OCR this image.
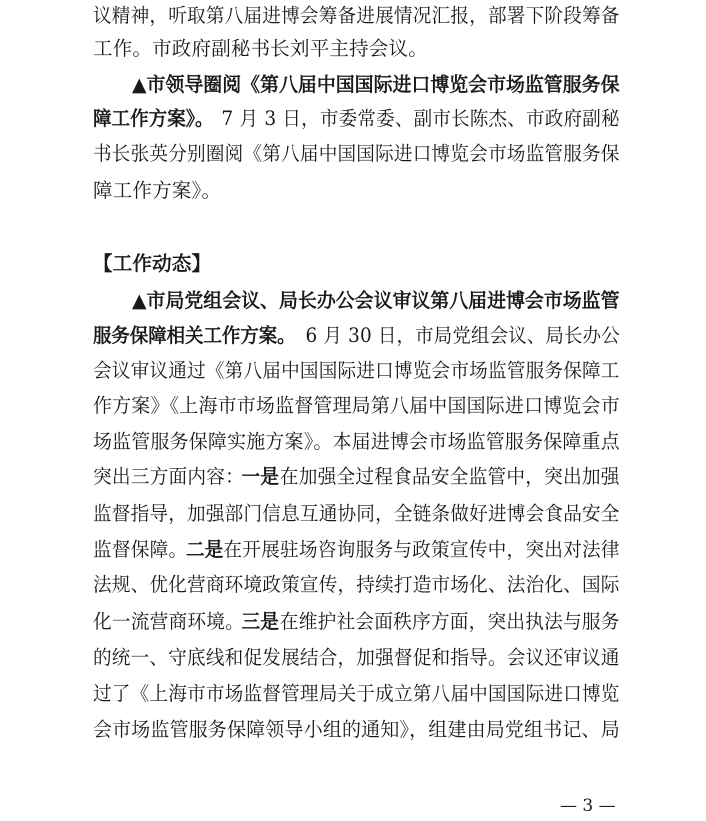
议精神，听取第八届进博会筹备进展情况汇报，部署下阶段筹备
工作。市政府副秘书长刘平主持会议。
▲市领导圈阅《第八届中国国际进口博览会市场监管服务保
障工作方案》。 7 月 3 日，市委常委、副市长陈杰、市政府副秘
书长张英分别圈阅《第八届中国国际进口博览会市场监管服务保
障工作方案》。
【工作动态】
▲市局党组会议、局长办公会议审议第八届进博会市场监管
服务保障相关工作方案。 6 月 30 日，市局党组会议、局长办公
会议审议通过《第八届中国国际进口博览会市场监管服务保障工
作方案》《上海市市场监督管理局第八届中国国际进口博览会市
场监管服务保障实施方案》。本届进博会市场监管服务保障重点
突出三方面内容：
一是 在加强全过程食品安全监管中，突出加强
监督指导，加强部门信息互通协同，全链条做好进博会食品安全
监督保障。
二是 在开展驻场咨询服务与政策宣传中，突出对法律
法规、优化营商环境政策宣传，持续打造市场化、法治化、国际
化一流营商环境。
三是 在维护社会面秩序方面，突出执法与服务
的统一、守底线和促发展结合，加强督促和指导。会议还审议通
过了《上海市市场监督管理局关于成立第八届中国国际进口博览
会市场监管服务保障领导小组的通知》，组建由局党组书记、局
— 3 —
